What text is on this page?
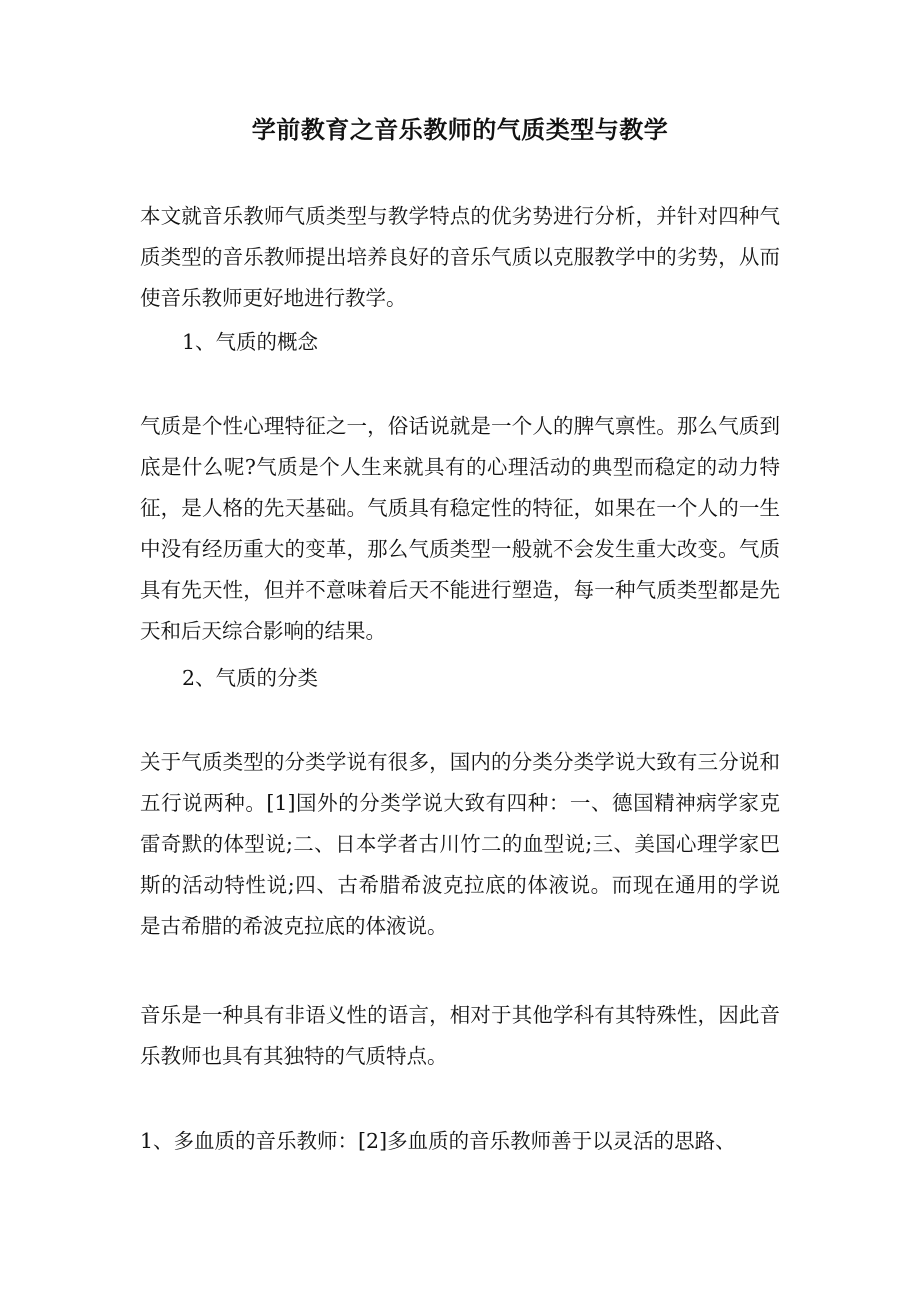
学前教育之音乐教师的气质类型与教学

本文就音乐教师气质类型与教学特点的优劣势进行分析，并针对四种气质类型的音乐教师提出培养良好的音乐气质以克服教学中的劣势，从而使音乐教师更好地进行教学。

1、气质的概念

气质是个性心理特征之一，俗话说就是一个人的脾气禀性。那么气质到底是什么呢?气质是个人生来就具有的心理活动的典型而稳定的动力特征，是人格的先天基础。气质具有稳定性的特征，如果在一个人的一生中没有经历重大的变革，那么气质类型一般就不会发生重大改变。气质具有先天性，但并不意味着后天不能进行塑造，每一种气质类型都是先天和后天综合影响的结果。

2、气质的分类

关于气质类型的分类学说有很多，国内的分类分类学说大致有三分说和五行说两种。[1]国外的分类学说大致有四种：一、德国精神病学家克雷奇默的体型说;二、日本学者古川竹二的血型说;三、美国心理学家巴斯的活动特性说;四、古希腊希波克拉底的体液说。而现在通用的学说是古希腊的希波克拉底的体液说。

音乐是一种具有非语义性的语言，相对于其他学科有其特殊性，因此音乐教师也具有其独特的气质特点。

1、多血质的音乐教师：[2]多血质的音乐教师善于以灵活的思路、
